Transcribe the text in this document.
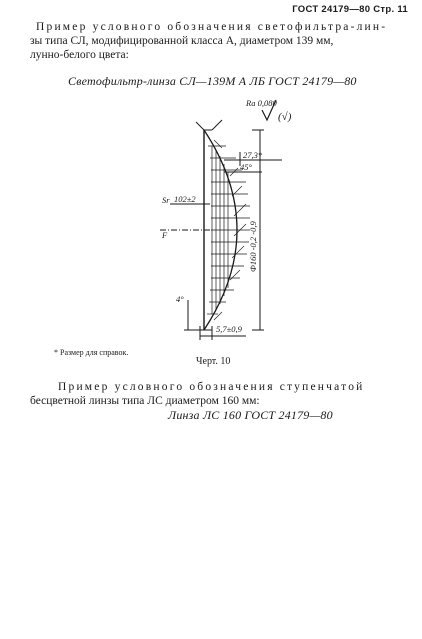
ГОСТ 24179—80 Стр. 11
Пример условного обозначения светофильтра-лин-
зы типа СЛ, модифицированной класса А, диаметром 139 мм,
лунно-белого цвета:
Светофильтр-линза СЛ—139М А ЛБ ГОСТ 24179—80
Ra 0,080
(√)
27,3*
45°
102±2
Sr
F	Ф160 -0,2 -0,9
4°
5,7±0,9
* Размер для справок.
Черт. 10
Пример условного обозначения ступенчатой
бесцветной линзы типа ЛС диаметром 160 мм:
Линза ЛС 160 ГОСТ 24179—80
